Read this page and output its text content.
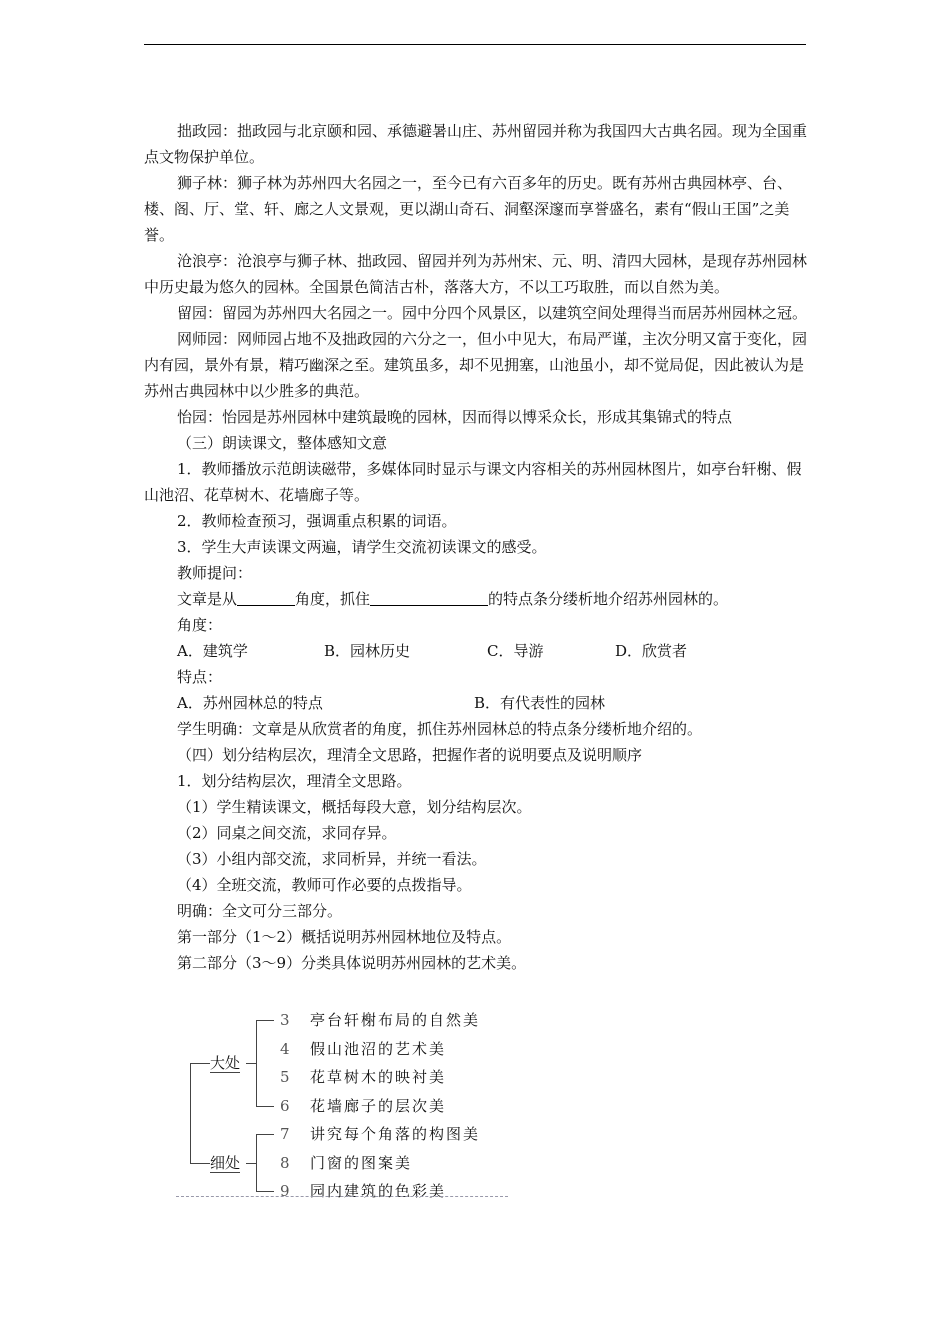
拙政园：拙政园与北京颐和园、承德避暑山庄、苏州留园并称为我国四大古典名园。现为全国重点文物保护单位。

狮子林：狮子林为苏州四大名园之一，至今已有六百多年的历史。既有苏州古典园林亭、台、楼、阁、厅、堂、轩、廊之人文景观，更以湖山奇石、洞壑深邃而享誉盛名，素有“假山王国”之美誉。

沧浪亭：沧浪亭与狮子林、拙政园、留园并列为苏州宋、元、明、清四大园林，是现存苏州园林中历史最为悠久的园林。全国景色简洁古朴，落落大方，不以工巧取胜，而以自然为美。

留园：留园为苏州四大名园之一。园中分四个风景区，以建筑空间处理得当而居苏州园林之冠。

网师园：网师园占地不及拙政园的六分之一，但小中见大，布局严谨，主次分明又富于变化，园内有园，景外有景，精巧幽深之至。建筑虽多，却不见拥塞，山池虽小，却不觉局促，因此被认为是苏州古典园林中以少胜多的典范。

怡园：怡园是苏州园林中建筑最晚的园林，因而得以博采众长，形成其集锦式的特点

（三）朗读课文，整体感知文意

1．教师播放示范朗读磁带，多媒体同时显示与课文内容相关的苏州园林图片，如亭台轩榭、假山池沼、花草树木、花墙廊子等。

2．教师检查预习，强调重点积累的词语。

3．学生大声读课文两遍，请学生交流初读课文的感受。

教师提问：

文章是从	角度，抓住	的特点条分缕析地介绍苏州园林的。

角度：

A．建筑学	B．园林历史	C．导游	D．欣赏者

特点：

A．苏州园林总的特点	B．有代表性的园林

学生明确：文章是从欣赏者的角度，抓住苏州园林总的特点条分缕析地介绍的。

（四）划分结构层次，理清全文思路，把握作者的说明要点及说明顺序

1．划分结构层次，理清全文思路。

（1）学生精读课文，概括每段大意，划分结构层次。

（2）同桌之间交流，求同存异。

（3）小组内部交流，求同析异，并统一看法。

（4）全班交流，教师可作必要的点拨指导。

明确：全文可分三部分。

第一部分（1～2）概括说明苏州园林地位及特点。

第二部分（3～9）分类具体说明苏州园林的艺术美。

大处
细处
3 亭台轩榭布局的自然美
4 假山池沼的艺术美
5 花草树木的映衬美
6 花墙廊子的层次美
7 讲究每个角落的构图美
8 门窗的图案美
9 园内建筑的色彩美
